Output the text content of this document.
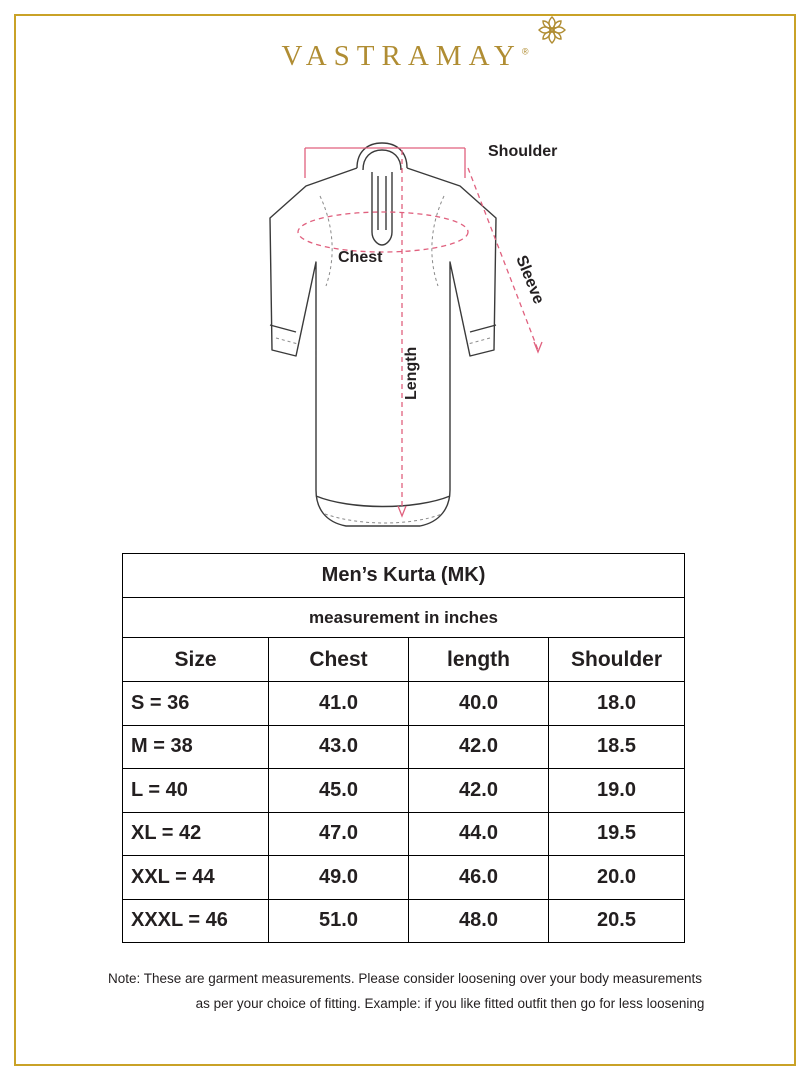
VASTRAMAY®
Shoulder
Chest	Sleeve
Length
Men’s Kurta (MK)			
measurement in inches			
Size	Chest	length	Shoulder
S = 36	41.0	40.0	18.0
M = 38	43.0	42.0	18.5
L = 40	45.0	42.0	19.0
XL = 42	47.0	44.0	19.5
XXL = 44	49.0	46.0	20.0
XXXL = 46	51.0	48.0	20.5
Note: These are garment measurements. Please consider loosening over your body measurements
as per your choice of fitting. Example: if you like fitted outfit then go for less loosening
